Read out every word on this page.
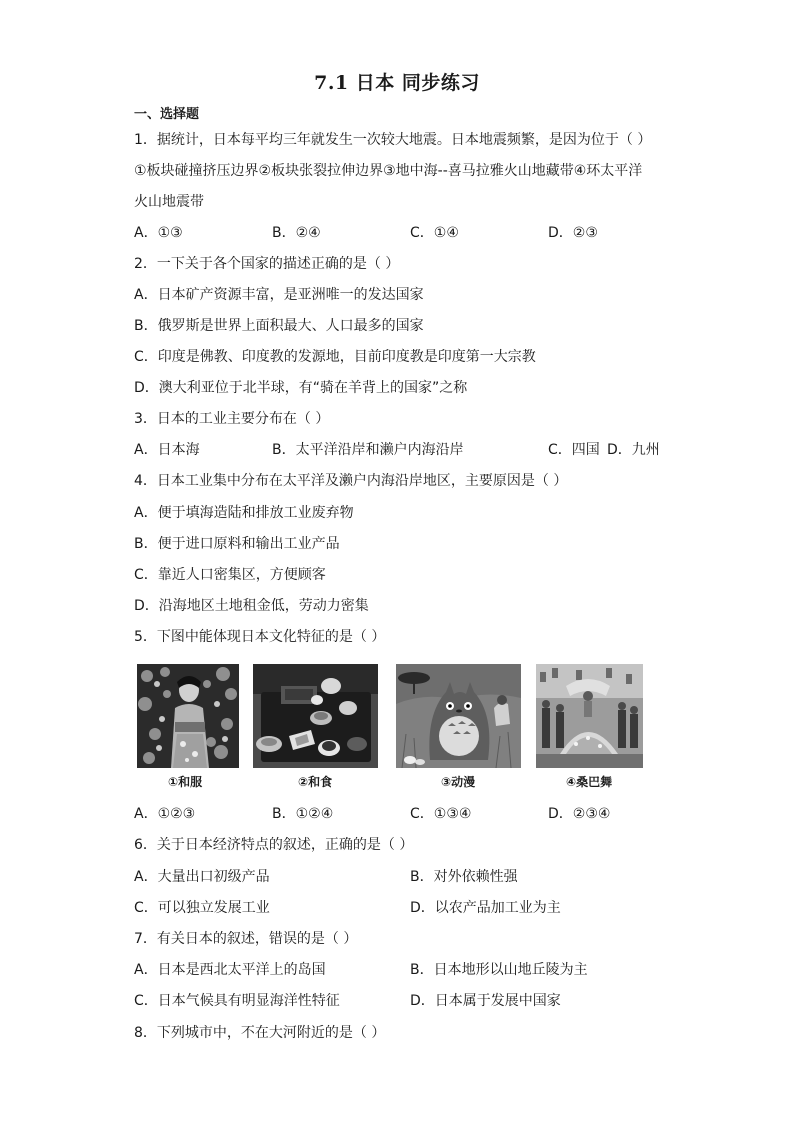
7.1 日本 同步练习
一、选择题
1．据统计，日本每平均三年就发生一次较大地震。日本地震频繁，是因为位于（ ）
①板块碰撞挤压边界②板块张裂拉伸边界③地中海--喜马拉雅火山地藏带④环太平洋
火山地震带
A．①③	B．②④	C．①④	D．②③
2．一下关于各个国家的描述正确的是（ ）
A．日本矿产资源丰富，是亚洲唯一的发达国家
B．俄罗斯是世界上面积最大、人口最多的国家
C．印度是佛教、印度教的发源地，目前印度教是印度第一大宗教
D．澳大利亚位于北半球，有“骑在羊背上的国家”之称
3．日本的工业主要分布在（ ）
A．日本海	B．太平洋沿岸和濑户内海沿岸	C．四国 D．九州
4．日本工业集中分布在太平洋及濑户内海沿岸地区，主要原因是（ ）
A．便于填海造陆和排放工业废弃物
B．便于进口原料和输出工业产品
C．靠近人口密集区，方便顾客
D．沿海地区土地租金低，劳动力密集
5．下图中能体现日本文化特征的是（ ）
①和服	②和食	③动漫	④桑巴舞
A．①②③	B．①②④	C．①③④	D．②③④
6．关于日本经济特点的叙述，正确的是（ ）
A．大量出口初级产品	B．对外依赖性强
C．可以独立发展工业	D．以农产品加工业为主
7．有关日本的叙述，错误的是（ ）
A．日本是西北太平洋上的岛国	B．日本地形以山地丘陵为主
C．日本气候具有明显海洋性特征	D．日本属于发展中国家
8．下列城市中，不在大河附近的是（ ）
